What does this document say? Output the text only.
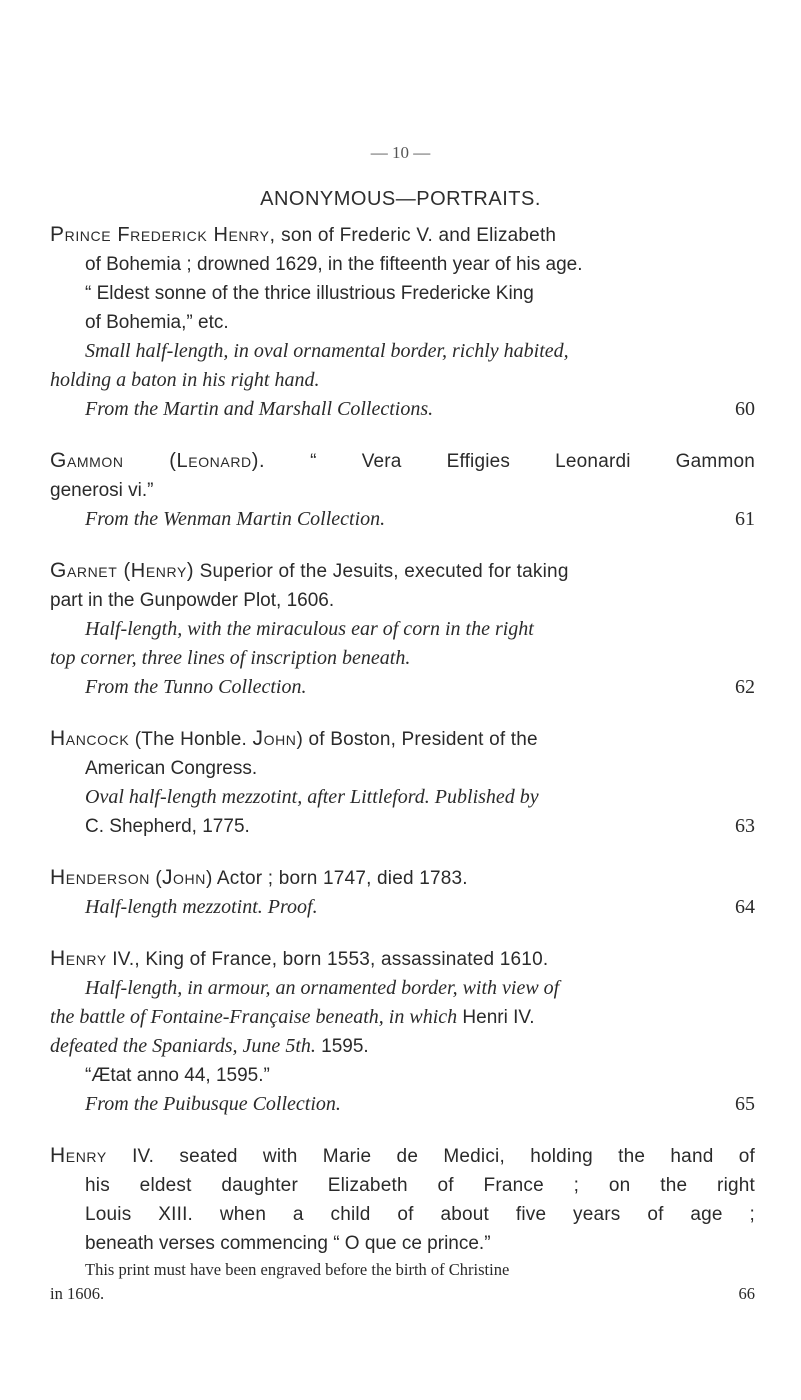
— 10 —
ANONYMOUS—PORTRAITS.
Prince Frederick Henry, son of Frederic V. and Elizabeth
of Bohemia ; drowned 1629, in the fifteenth year of his age.
“ Eldest sonne of the thrice illustrious Fredericke King
of Bohemia,” etc.
Small half-length, in oval ornamental border, richly habited,
holding a baton in his right hand.
From the Martin and Marshall Collections.	60
Gammon (Leonard). “ Vera Effigies Leonardi Gammon
generosi vi.”
From the Wenman Martin Collection.	61
Garnet (Henry) Superior of the Jesuits, executed for taking
part in the Gunpowder Plot, 1606.
Half-length, with the miraculous ear of corn in the right
top corner, three lines of inscription beneath.
From the Tunno Collection.	62
Hancock (The Honble. John) of Boston, President of the
American Congress.
Oval half-length mezzotint, after Littleford. Published by
C. Shepherd, 1775.	63
Henderson (John) Actor ; born 1747, died 1783.
Half-length mezzotint. Proof.	64
Henry IV., King of France, born 1553, assassinated 1610.
Half-length, in armour, an ornamented border, with view of
the battle of Fontaine-Française beneath, in which Henri IV.
defeated the Spaniards, June 5th. 1595.
“Ætat anno 44, 1595.”
From the Puibusque Collection.	65
Henry IV. seated with Marie de Medici, holding the hand of
his eldest daughter Elizabeth of France ; on the right
Louis XIII. when a child of about five years of age ;
beneath verses commencing “ O que ce prince.”
This print must have been engraved before the birth of Christine
in 1606.	66
